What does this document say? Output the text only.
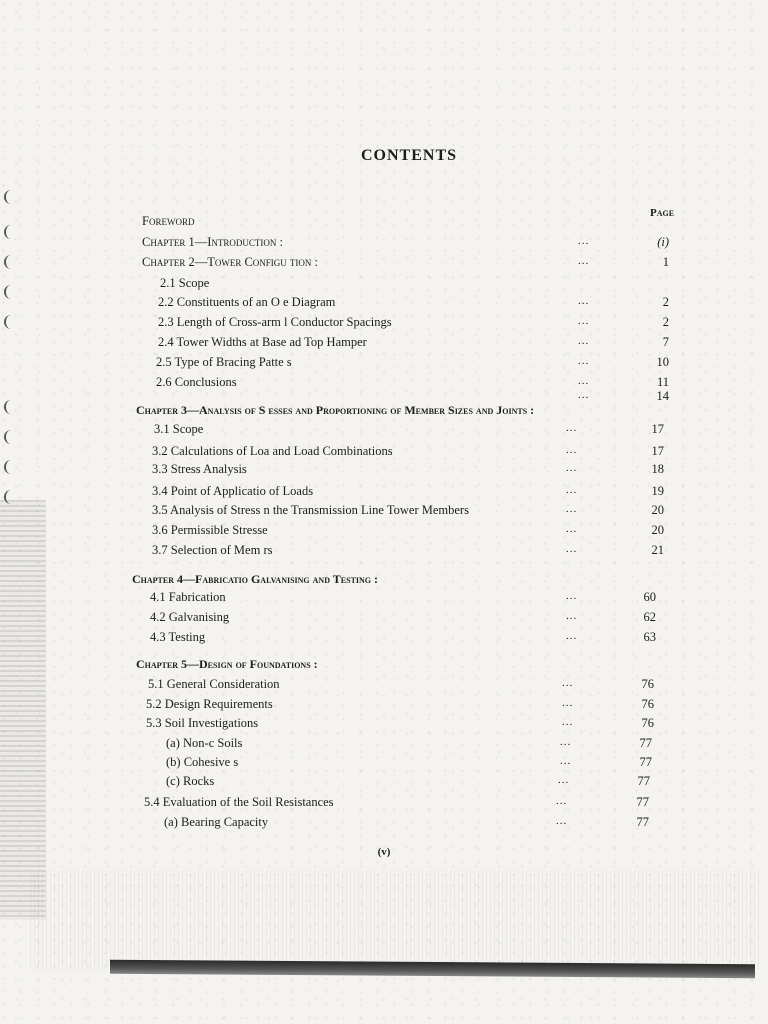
CONTENTS
Page
Foreword
Chapter 1—Introduction :	...	(i)
Chapter 2—Tower Configu tion :	...	1
2.1 Scope
2.2 Constituents of an O e Diagram	...	2
2.3 Length of Cross-arm l Conductor Spacings	...	2
2.4 Tower Widths at Base ad Top Hamper	...	7
2.5 Type of Bracing Patte s	...	10
2.6 Conclusions	...	11
...	14
Chapter 3—Analysis of S esses and Proportioning of Member Sizes and Joints :
3.1 Scope	...	17
3.2 Calculations of Loa and Load Combinations	...	17
3.3 Stress Analysis	...	18
3.4 Point of Applicatio of Loads	...	19
3.5 Analysis of Stress n the Transmission Line Tower Members	...	20
3.6 Permissible Stresse	...	20
3.7 Selection of Mem rs	...	21
Chapter 4—Fabricatio Galvanising and Testing :
4.1 Fabrication	...	60
4.2 Galvanising	...	62
4.3 Testing	...	63
Chapter 5—Design of Foundations :
5.1 General Consideration	...	76
5.2 Design Requirements	...	76
5.3 Soil Investigations	...	76
(a) Non-c Soils	...	77
(b) Cohesive s	...	77
(c) Rocks	...	77
5.4 Evaluation of the Soil Resistances	...	77
(a) Bearing Capacity	...	77
(v)
